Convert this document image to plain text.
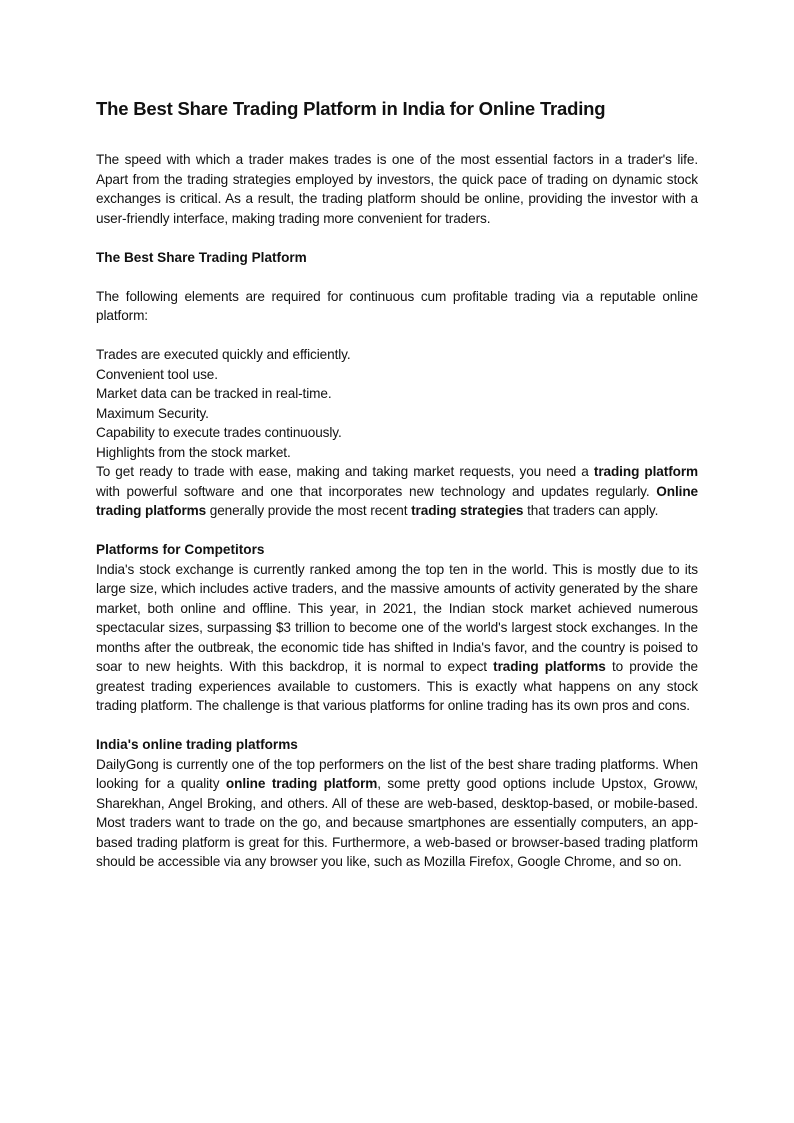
The Best Share Trading Platform in India for Online Trading

The speed with which a trader makes trades is one of the most essential factors in a trader's life. Apart from the trading strategies employed by investors, the quick pace of trading on dynamic stock exchanges is critical. As a result, the trading platform should be online, providing the investor with a user-friendly interface, making trading more convenient for traders.

The Best Share Trading Platform

The following elements are required for continuous cum profitable trading via a reputable online platform:

Trades are executed quickly and efficiently.

Convenient tool use.

Market data can be tracked in real-time.

Maximum Security.

Capability to execute trades continuously.

Highlights from the stock market.

To get ready to trade with ease, making and taking market requests, you need a trading platform with powerful software and one that incorporates new technology and updates regularly. Online trading platforms generally provide the most recent trading strategies that traders can apply.

Platforms for Competitors

India's stock exchange is currently ranked among the top ten in the world. This is mostly due to its large size, which includes active traders, and the massive amounts of activity generated by the share market, both online and offline. This year, in 2021, the Indian stock market achieved numerous spectacular sizes, surpassing $3 trillion to become one of the world's largest stock exchanges. In the months after the outbreak, the economic tide has shifted in India's favor, and the country is poised to soar to new heights. With this backdrop, it is normal to expect trading platforms to provide the greatest trading experiences available to customers. This is exactly what happens on any stock trading platform. The challenge is that various platforms for online trading has its own pros and cons.

India's online trading platforms

DailyGong is currently one of the top performers on the list of the best share trading platforms. When looking for a quality online trading platform, some pretty good options include Upstox, Groww, Sharekhan, Angel Broking, and others. All of these are web-based, desktop-based, or mobile-based. Most traders want to trade on the go, and because smartphones are essentially computers, an app-based trading platform is great for this. Furthermore, a web-based or browser-based trading platform should be accessible via any browser you like, such as Mozilla Firefox, Google Chrome, and so on.
